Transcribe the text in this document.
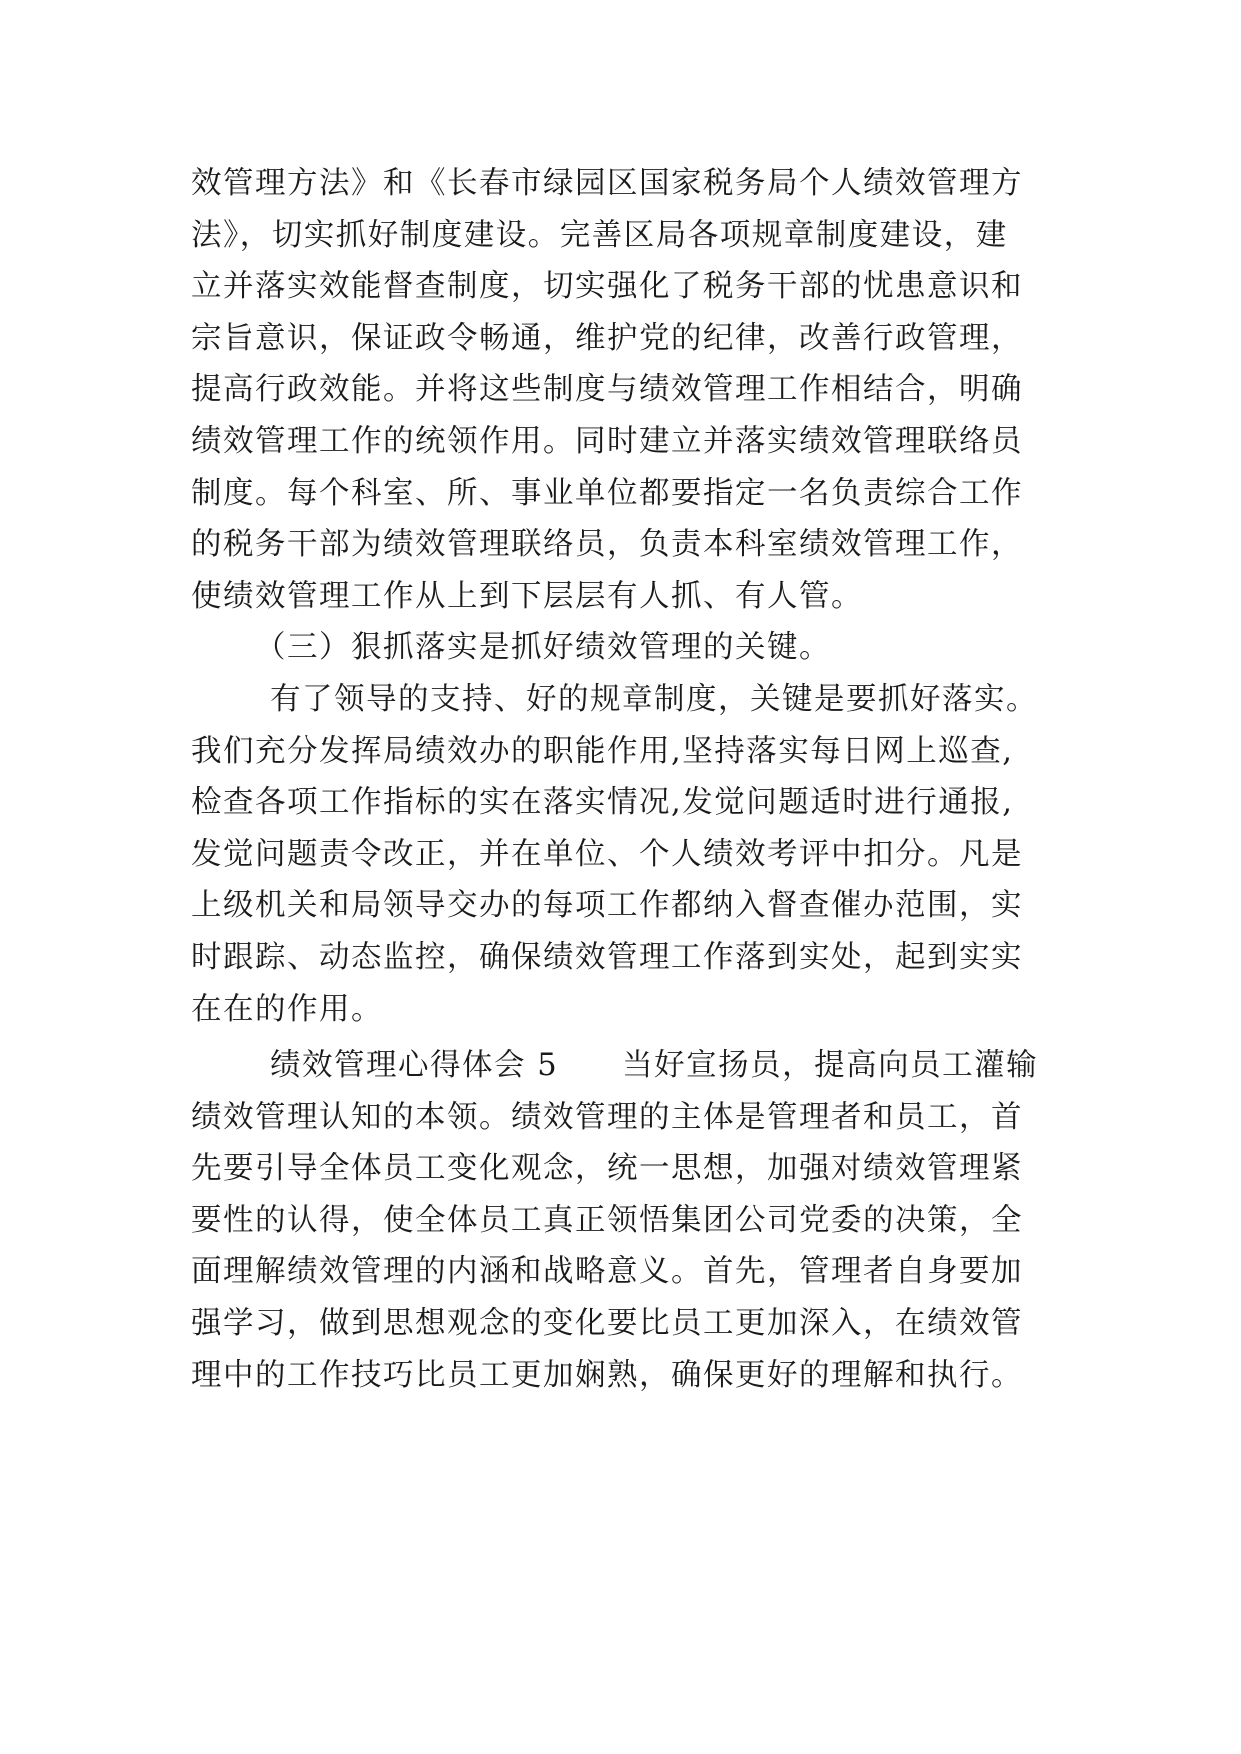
效管理方法》和《长春市绿园区国家税务局个人绩效管理方
法》，切实抓好制度建设。完善区局各项规章制度建设，建
立并落实效能督查制度，切实强化了税务干部的忧患意识和
宗旨意识，保证政令畅通，维护党的纪律，改善行政管理，
提高行政效能。并将这些制度与绩效管理工作相结合，明确
绩效管理工作的统领作用。同时建立并落实绩效管理联络员
制度。每个科室、所、事业单位都要指定一名负责综合工作
的税务干部为绩效管理联络员，负责本科室绩效管理工作，
使绩效管理工作从上到下层层有人抓、有人管。
（三）狠抓落实是抓好绩效管理的关键。
有了领导的支持、好的规章制度，关键是要抓好落实。
我们充分发挥局绩效办的职能作用,坚持落实每日网上巡查,
检查各项工作指标的实在落实情况,发觉问题适时进行通报,
发觉问题责令改正，并在单位、个人绩效考评中扣分。凡是
上级机关和局领导交办的每项工作都纳入督查催办范围，实
时跟踪、动态监控，确保绩效管理工作落到实处，起到实实
在在的作用。
绩效管理心得体会 5　　当好宣扬员，提高向员工灌输
绩效管理认知的本领。绩效管理的主体是管理者和员工，首
先要引导全体员工变化观念，统一思想，加强对绩效管理紧
要性的认得，使全体员工真正领悟集团公司党委的决策，全
面理解绩效管理的内涵和战略意义。首先，管理者自身要加
强学习，做到思想观念的变化要比员工更加深入，在绩效管
理中的工作技巧比员工更加娴熟，确保更好的理解和执行。
